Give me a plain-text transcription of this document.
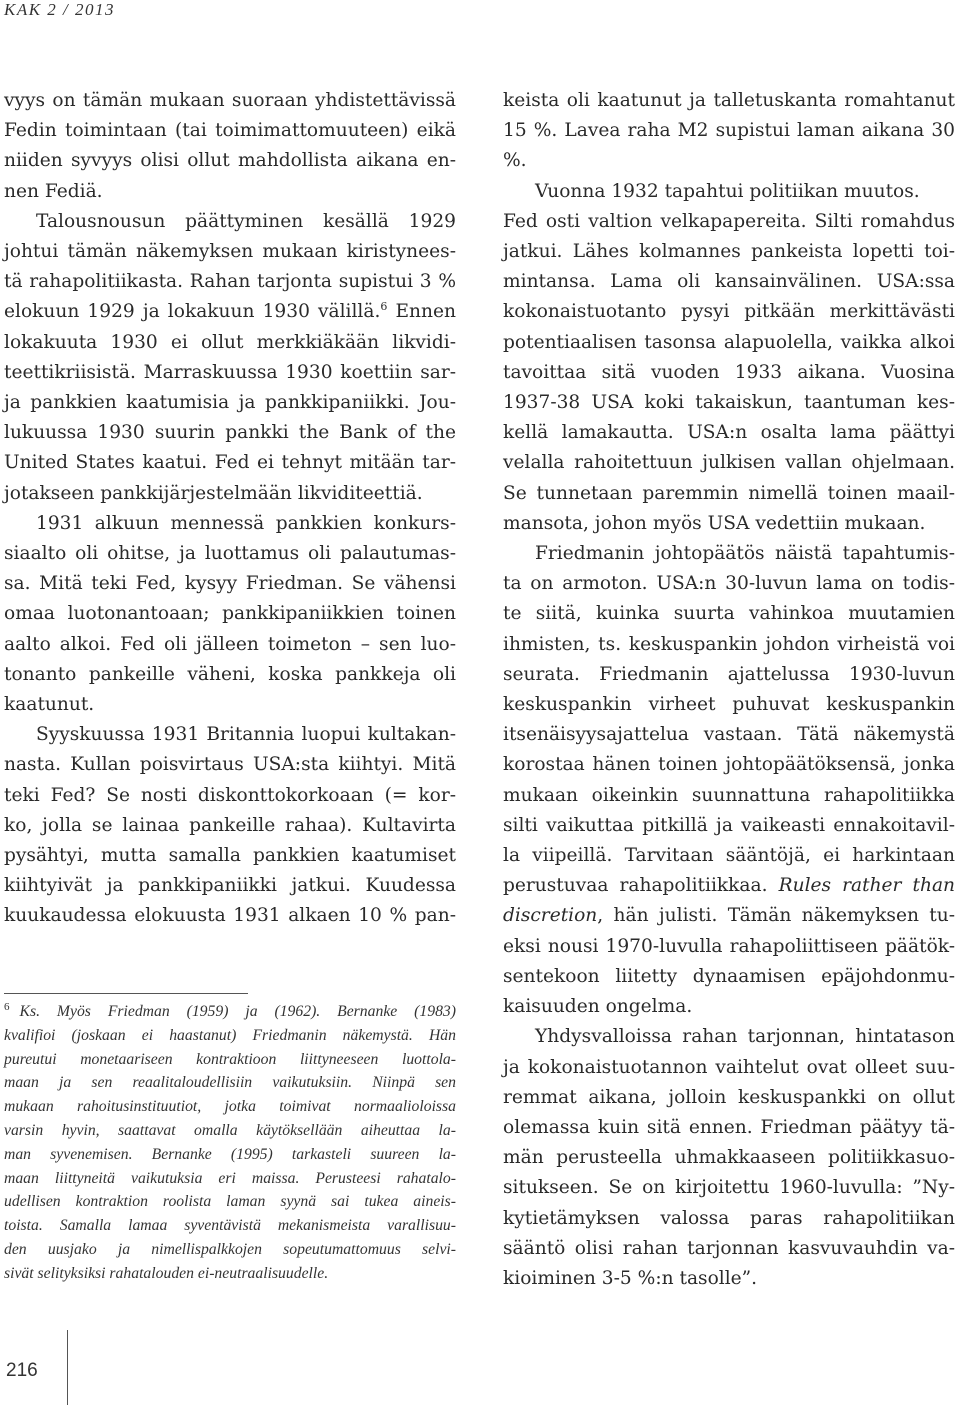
KAK 2 / 2013
vyys on tämän mukaan suoraan yhdistettävissä
Fedin toimintaan (tai toimimattomuuteen) eikä
niiden syvyys olisi ollut mahdollista aikana en-
nen Fediä.
Talousnousun päättyminen kesällä 1929
johtui tämän näkemyksen mukaan kiristynees-
tä rahapolitiikasta. Rahan tarjonta supistui 3 %
elokuun 1929 ja lokakuun 1930 välillä.$^6$ Ennen
lokakuuta 1930 ei ollut merkkiäkään likvidi-
teettikriisistä. Marraskuussa 1930 koettiin sar-
ja pankkien kaatumisia ja pankkipaniikki. Jou-
lukuussa 1930 suurin pankki the Bank of the
United States kaatui. Fed ei tehnyt mitään tar-
jotakseen pankkijärjestelmään likviditeettiä.
1931 alkuun mennessä pankkien konkurs-
siaalto oli ohitse, ja luottamus oli palautumas-
sa. Mitä teki Fed, kysyy Friedman. Se vähensi
omaa luotonantoaan; pankkipaniikkien toinen
aalto alkoi. Fed oli jälleen toimeton – sen luo-
tonanto pankeille väheni, koska pankkeja oli
kaatunut.
Syyskuussa 1931 Britannia luopui kultakan-
nasta. Kullan poisvirtaus USA:sta kiihtyi. Mitä
teki Fed? Se nosti diskonttokorkoaan (= kor-
ko, jolla se lainaa pankeille rahaa). Kultavirta
pysähtyi, mutta samalla pankkien kaatumiset
kiihtyivät ja pankkipaniikki jatkui. Kuudessa
kuukaudessa elokuusta 1931 alkaen 10 % pan-
keista oli kaatunut ja talletuskanta romahtanut
15 %. Lavea raha M2 supistui laman aikana 30
%.
Vuonna 1932 tapahtui politiikan muutos.
Fed osti valtion velkapapereita. Silti romahdus
jatkui. Lähes kolmannes pankeista lopetti toi-
mintansa. Lama oli kansainvälinen. USA:ssa
kokonaistuotanto pysyi pitkään merkittävästi
potentiaalisen tasonsa alapuolella, vaikka alkoi
tavoittaa sitä vuoden 1933 aikana. Vuosina
1937-38 USA koki takaiskun, taantuman kes-
kellä lamakautta. USA:n osalta lama päättyi
velalla rahoitettuun julkisen vallan ohjelmaan.
Se tunnetaan paremmin nimellä toinen maail-
mansota, johon myös USA vedettiin mukaan.
Friedmanin johtopäätös näistä tapahtumis-
ta on armoton. USA:n 30-luvun lama on todis-
te siitä, kuinka suurta vahinkoa muutamien
ihmisten, ts. keskuspankin johdon virheistä voi
seurata. Friedmanin ajattelussa 1930-luvun
keskuspankin virheet puhuvat keskuspankin
itsenäisyysajattelua vastaan. Tätä näkemystä
korostaa hänen toinen johtopäätöksensä, jonka
mukaan oikeinkin suunnattuna rahapolitiikka
silti vaikuttaa pitkillä ja vaikeasti ennakoitavil-
la viipeillä. Tarvitaan sääntöjä, ei harkintaan
perustuvaa rahapolitiikkaa. Rules rather than
discretion, hän julisti. Tämän näkemyksen tu-
eksi nousi 1970-luvulla rahapoliittiseen päätök-
sentekoon liitetty dynaamisen epäjohdonmu-
kaisuuden ongelma.
Yhdysvalloissa rahan tarjonnan, hintatason
ja kokonaistuotannon vaihtelut ovat olleet suu-
remmat aikana, jolloin keskuspankki on ollut
olemassa kuin sitä ennen. Friedman päätyy tä-
män perusteella uhmakkaaseen politiikkasuo-
situkseen. Se on kirjoitettu 1960-luvulla: ”Ny-
kytietämyksen valossa paras rahapolitiikan
sääntö olisi rahan tarjonnan kasvuvauhdin va-
kioiminen 3-5 %:n tasolle”.
$^6$ Ks. Myös Friedman (1959) ja (1962). Bernanke (1983)
kvalifioi (joskaan ei haastanut) Friedmanin näkemystä. Hän
pureutui monetaariseen kontraktioon liittyneeseen luottola-
maan ja sen reaalitaloudellisiin vaikutuksiin. Niinpä sen
mukaan rahoitusinstituutiot, jotka toimivat normaalioloissa
varsin hyvin, saattavat omalla käytöksellään aiheuttaa la-
man syvenemisen. Bernanke (1995) tarkasteli suureen la-
maan liittyneitä vaikutuksia eri maissa. Perusteesi rahatalo-
udellisen kontraktion roolista laman syynä sai tukea aineis-
toista. Samalla lamaa syventävistä mekanismeista varallisuu-
den uusjako ja nimellispalkkojen sopeutumattomuus selvi-
sivät selityksiksi rahatalouden ei-neutraalisuudelle.
216
